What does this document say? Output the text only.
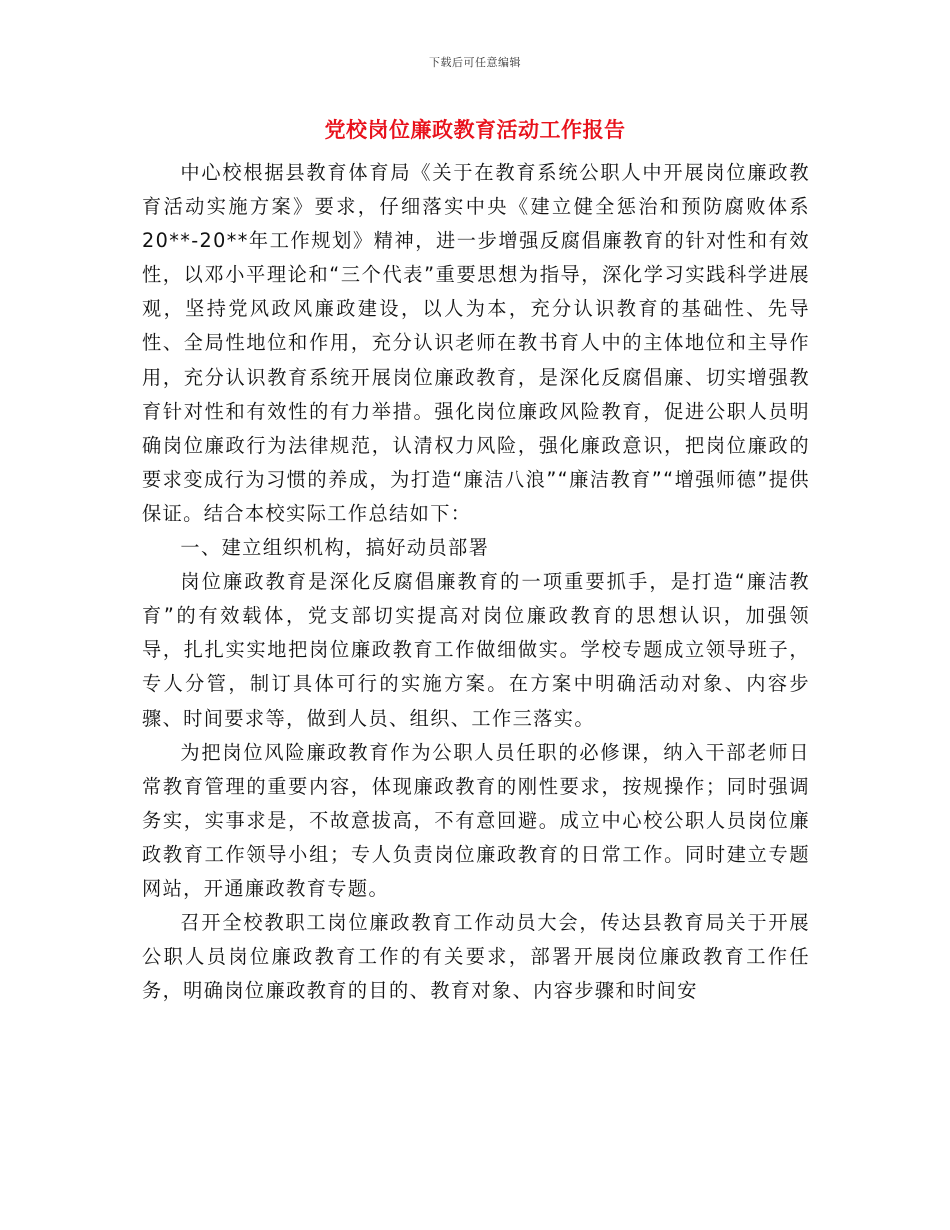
下载后可任意编辑
党校岗位廉政教育活动工作报告

中心校根据县教育体育局《关于在教育系统公职人中开展岗位廉政教育活动实施方案》要求，仔细落实中央《建立健全惩治和预防腐败体系20**-20**年工作规划》精神，进一步增强反腐倡廉教育的针对性和有效性，以邓小平理论和“三个代表”重要思想为指导，深化学习实践科学进展观，坚持党风政风廉政建设，以人为本，充分认识教育的基础性、先导性、全局性地位和作用，充分认识老师在教书育人中的主体地位和主导作用，充分认识教育系统开展岗位廉政教育，是深化反腐倡廉、切实增强教育针对性和有效性的有力举措。强化岗位廉政风险教育，促进公职人员明确岗位廉政行为法律规范，认清权力风险，强化廉政意识，把岗位廉政的要求变成行为习惯的养成，为打造“廉洁八浪”“廉洁教育”“增强师德”提供保证。结合本校实际工作总结如下：

一、建立组织机构，搞好动员部署

岗位廉政教育是深化反腐倡廉教育的一项重要抓手，是打造“廉洁教育”的有效载体，党支部切实提高对岗位廉政教育的思想认识，加强领导，扎扎实实地把岗位廉政教育工作做细做实。学校专题成立领导班子，专人分管，制订具体可行的实施方案。在方案中明确活动对象、内容步骤、时间要求等，做到人员、组织、工作三落实。

为把岗位风险廉政教育作为公职人员任职的必修课，纳入干部老师日常教育管理的重要内容，体现廉政教育的刚性要求，按规操作；同时强调务实，实事求是，不故意拔高，不有意回避。成立中心校公职人员岗位廉政教育工作领导小组；专人负责岗位廉政教育的日常工作。同时建立专题网站，开通廉政教育专题。

召开全校教职工岗位廉政教育工作动员大会，传达县教育局关于开展公职人员岗位廉政教育工作的有关要求，部署开展岗位廉政教育工作任务，明确岗位廉政教育的目的、教育对象、内容步骤和时间安
